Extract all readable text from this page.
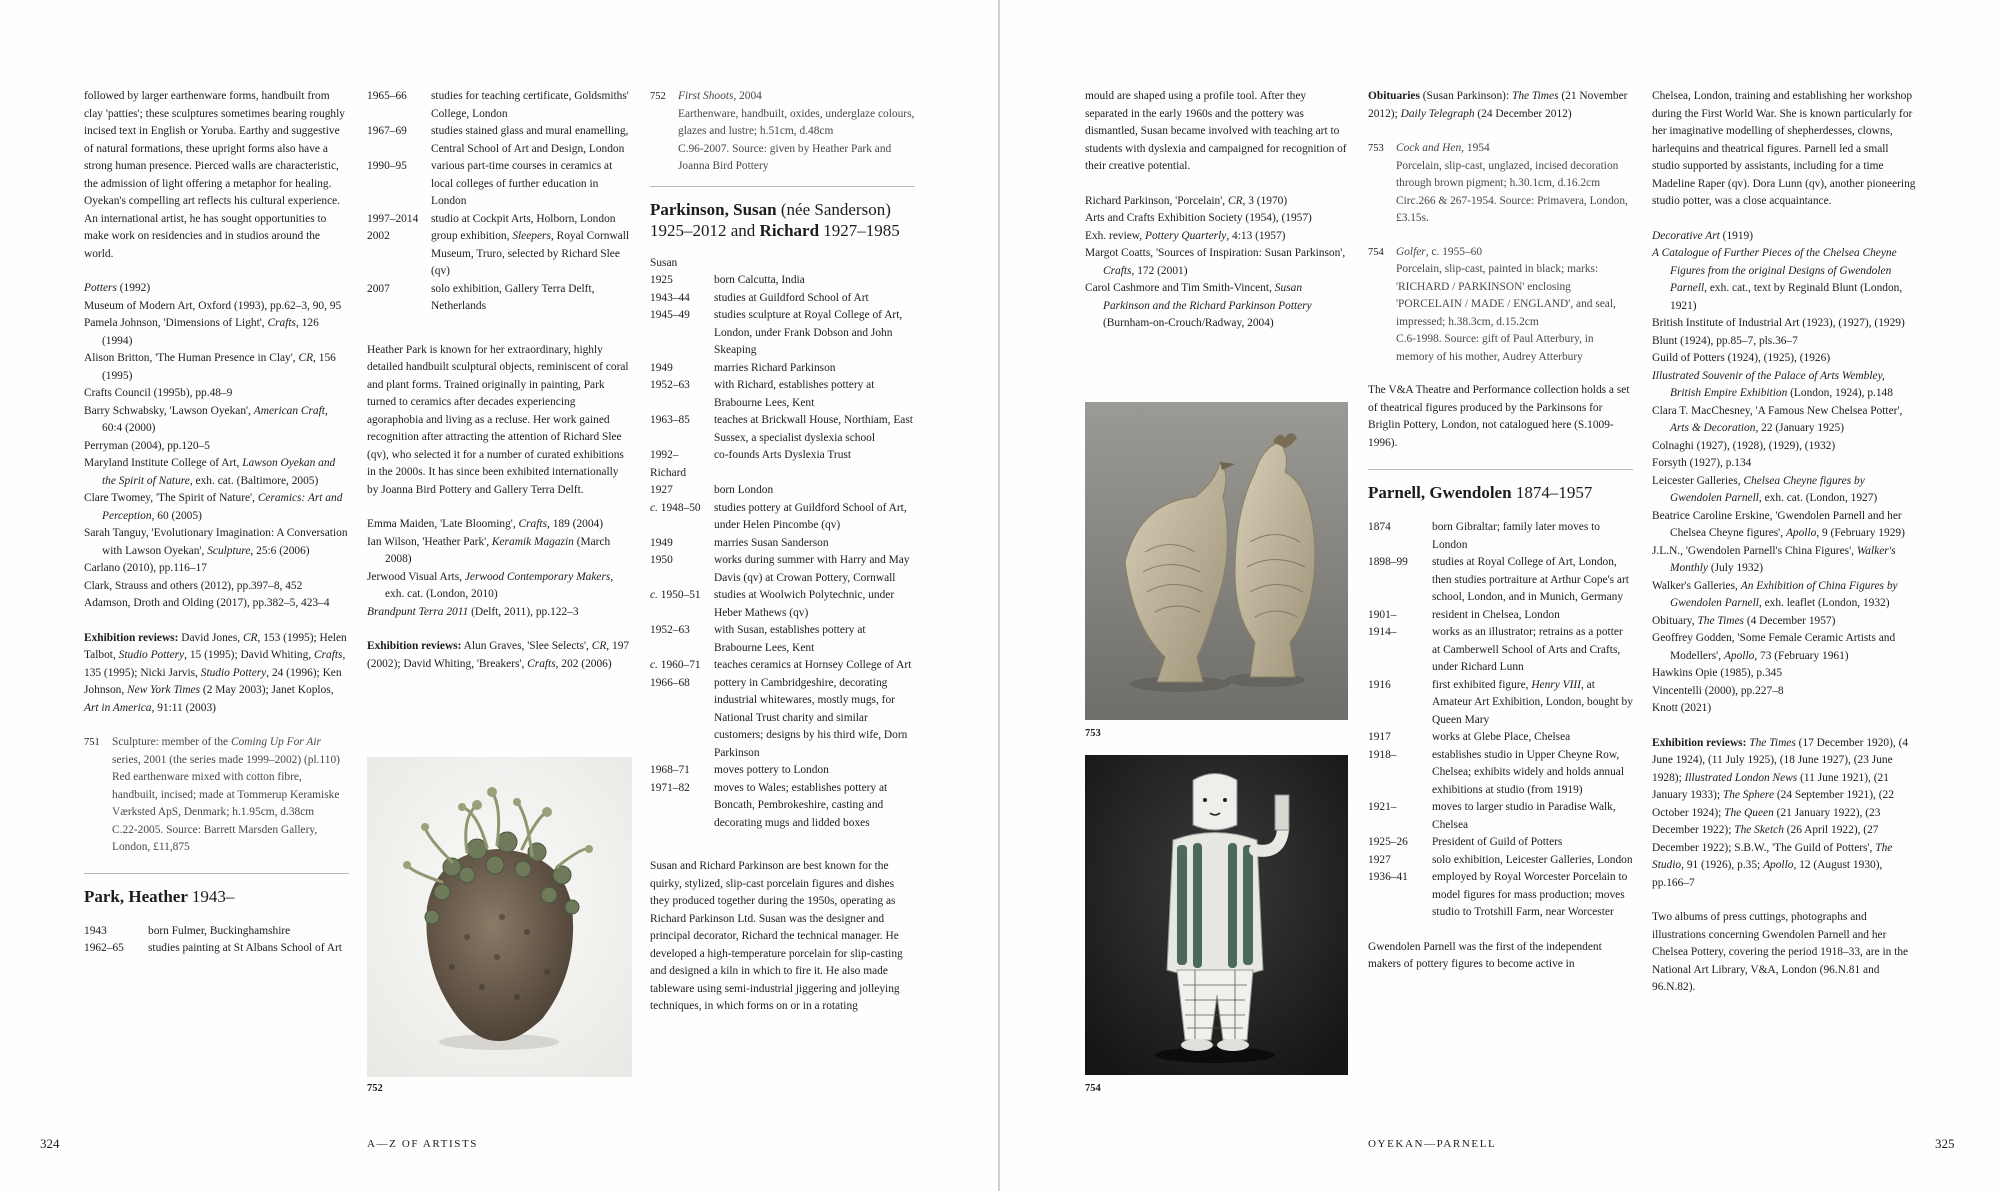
followed by larger earthenware forms, handbuilt from clay 'patties'; these sculptures sometimes bearing roughly incised text in English or Yoruba. Earthy and suggestive of natural formations, these upright forms also have a strong human presence. Pierced walls are characteristic, the admission of light offering a metaphor for healing. Oyekan's compelling art reflects his cultural experience. An international artist, he has sought opportunities to make work on residencies and in studios around the world.

Potters (1992)
Museum of Modern Art, Oxford (1993), pp.62–3, 90, 95
Pamela Johnson, 'Dimensions of Light', Crafts, 126 (1994)
Alison Britton, 'The Human Presence in Clay', CR, 156 (1995)
Crafts Council (1995b), pp.48–9
Barry Schwabsky, 'Lawson Oyekan', American Craft, 60:4 (2000)
Perryman (2004), pp.120–5
Maryland Institute College of Art, Lawson Oyekan and the Spirit of Nature, exh. cat. (Baltimore, 2005)
Clare Twomey, 'The Spirit of Nature', Ceramics: Art and Perception, 60 (2005)
Sarah Tanguy, 'Evolutionary Imagination: A Conversation with Lawson Oyekan', Sculpture, 25:6 (2006)
Carlano (2010), pp.116–17
Clark, Strauss and others (2012), pp.397–8, 452
Adamson, Droth and Olding (2017), pp.382–5, 423–4

Exhibition reviews: David Jones, CR, 153 (1995); Helen Talbot, Studio Pottery, 15 (1995); David Whiting, Crafts, 135 (1995); Nicki Jarvis, Studio Pottery, 24 (1996); Ken Johnson, New York Times (2 May 2003); Janet Koplos, Art in America, 91:11 (2003)

751	Sculpture: member of the Coming Up For Air series, 2001 (the series made 1999–2002) (pl.110)
Red earthenware mixed with cotton fibre, handbuilt, incised; made at Tommerup Keramiske Værksted ApS, Denmark; h.1.95cm, d.38cm
C.22-2005. Source: Barrett Marsden Gallery, London, £11,875
Park, Heather 1943–
1943	born Fulmer, Buckinghamshire
1962–65	studies painting at St Albans School of Art
1965–66	studies for teaching certificate, Goldsmiths' College, London
1967–69	studies stained glass and mural enamelling, Central School of Art and Design, London
1990–95	various part-time courses in ceramics at local colleges of further education in London
1997–2014	studio at Cockpit Arts, Holborn, London
2002	group exhibition, Sleepers, Royal Cornwall Museum, Truro, selected by Richard Slee (qv)
2007	solo exhibition, Gallery Terra Delft, Netherlands

Heather Park is known for her extraordinary, highly detailed handbuilt sculptural objects, reminiscent of coral and plant forms. Trained originally in painting, Park turned to ceramics after decades experiencing agoraphobia and living as a recluse. Her work gained recognition after attracting the attention of Richard Slee (qv), who selected it for a number of curated exhibitions in the 2000s. It has since been exhibited internationally by Joanna Bird Pottery and Gallery Terra Delft.

Emma Maiden, 'Late Blooming', Crafts, 189 (2004)
Ian Wilson, 'Heather Park', Keramik Magazin (March 2008)
Jerwood Visual Arts, Jerwood Contemporary Makers, exh. cat. (London, 2010)
Brandpunt Terra 2011 (Delft, 2011), pp.122–3

Exhibition reviews: Alun Graves, 'Slee Selects', CR, 197 (2002); David Whiting, 'Breakers', Crafts, 202 (2006)

752
752	First Shoots, 2004
Earthenware, handbuilt, oxides, underglaze colours, glazes and lustre; h.51cm, d.48cm
C.96-2007. Source: given by Heather Park and Joanna Bird Pottery
Parkinson, Susan (née Sanderson)
1925–2012 and Richard 1927–1985
Susan
1925	born Calcutta, India
1943–44	studies at Guildford School of Art
1945–49	studies sculpture at Royal College of Art, London, under Frank Dobson and John Skeaping
1949	marries Richard Parkinson
1952–63	with Richard, establishes pottery at Brabourne Lees, Kent
1963–85	teaches at Brickwall House, Northiam, East Sussex, a specialist dyslexia school
1992–	co-founds Arts Dyslexia Trust
Richard
1927	born London
c. 1948–50	studies pottery at Guildford School of Art, under Helen Pincombe (qv)
1949	marries Susan Sanderson
1950	works during summer with Harry and May Davis (qv) at Crowan Pottery, Cornwall
c. 1950–51	studies at Woolwich Polytechnic, under Heber Mathews (qv)
1952–63	with Susan, establishes pottery at Brabourne Lees, Kent
c. 1960–71	teaches ceramics at Hornsey College of Art
1966–68	pottery in Cambridgeshire, decorating industrial whitewares, mostly mugs, for National Trust charity and similar customers; designs by his third wife, Dorn Parkinson
1968–71	moves pottery to London
1971–82	moves to Wales; establishes pottery at Boncath, Pembrokeshire, casting and decorating mugs and lidded boxes

Susan and Richard Parkinson are best known for the quirky, stylized, slip-cast porcelain figures and dishes they produced together during the 1950s, operating as Richard Parkinson Ltd. Susan was the designer and principal decorator, Richard the technical manager. He developed a high-temperature porcelain for slip-casting and designed a kiln in which to fire it. He also made tableware using semi-industrial jiggering and jolleying techniques, in which forms on or in a rotating

324	A—Z OF ARTISTS

mould are shaped using a profile tool. After they separated in the early 1960s and the pottery was dismantled, Susan became involved with teaching art to students with dyslexia and campaigned for recognition of their creative potential.

Richard Parkinson, 'Porcelain', CR, 3 (1970)
Arts and Crafts Exhibition Society (1954), (1957)
Exh. review, Pottery Quarterly, 4:13 (1957)
Margot Coatts, 'Sources of Inspiration: Susan Parkinson', Crafts, 172 (2001)
Carol Cashmore and Tim Smith-Vincent, Susan Parkinson and the Richard Parkinson Pottery (Burnham-on-Crouch/Radway, 2004)
753
754

Obituaries (Susan Parkinson): The Times (21 November 2012); Daily Telegraph (24 December 2012)

753	Cock and Hen, 1954
Porcelain, slip-cast, unglazed, incised decoration through brown pigment; h.30.1cm, d.16.2cm
Circ.266 & 267-1954. Source: Primavera, London, £3.15s.
754	Golfer, c. 1955–60
Porcelain, slip-cast, painted in black; marks: 'RICHARD / PARKINSON' enclosing 'PORCELAIN / MADE / ENGLAND', and seal, impressed; h.38.3cm, d.15.2cm
C.6-1998. Source: gift of Paul Atterbury, in memory of his mother, Audrey Atterbury

The V&A Theatre and Performance collection holds a set of theatrical figures produced by the Parkinsons for Briglin Pottery, London, not catalogued here (S.1009-1996).

Parnell, Gwendolen 1874–1957
1874	born Gibraltar; family later moves to London
1898–99	studies at Royal College of Art, London, then studies portraiture at Arthur Cope's art school, London, and in Munich, Germany
1901–	resident in Chelsea, London
1914–	works as an illustrator; retrains as a potter at Camberwell School of Arts and Crafts, under Richard Lunn
1916	first exhibited figure, Henry VIII, at Amateur Art Exhibition, London, bought by Queen Mary
1917	works at Glebe Place, Chelsea
1918–	establishes studio in Upper Cheyne Row, Chelsea; exhibits widely and holds annual exhibitions at studio (from 1919)
1921–	moves to larger studio in Paradise Walk, Chelsea
1925–26	President of Guild of Potters
1927	solo exhibition, Leicester Galleries, London
1936–41	employed by Royal Worcester Porcelain to model figures for mass production; moves studio to Trotshill Farm, near Worcester

Gwendolen Parnell was the first of the independent makers of pottery figures to become active in

Chelsea, London, training and establishing her workshop during the First World War. She is known particularly for her imaginative modelling of shepherdesses, clowns, harlequins and theatrical figures. Parnell led a small studio supported by assistants, including for a time Madeline Raper (qv). Dora Lunn (qv), another pioneering studio potter, was a close acquaintance.

Decorative Art (1919)
A Catalogue of Further Pieces of the Chelsea Cheyne Figures from the original Designs of Gwendolen Parnell, exh. cat., text by Reginald Blunt (London, 1921)
British Institute of Industrial Art (1923), (1927), (1929)
Blunt (1924), pp.85–7, pls.36–7
Guild of Potters (1924), (1925), (1926)
Illustrated Souvenir of the Palace of Arts Wembley, British Empire Exhibition (London, 1924), p.148
Clara T. MacChesney, 'A Famous New Chelsea Potter', Arts & Decoration, 22 (January 1925)
Colnaghi (1927), (1928), (1929), (1932)
Forsyth (1927), p.134
Leicester Galleries, Chelsea Cheyne figures by Gwendolen Parnell, exh. cat. (London, 1927)
Beatrice Caroline Erskine, 'Gwendolen Parnell and her Chelsea Cheyne figures', Apollo, 9 (February 1929)
J.L.N., 'Gwendolen Parnell's China Figures', Walker's Monthly (July 1932)
Walker's Galleries, An Exhibition of China Figures by Gwendolen Parnell, exh. leaflet (London, 1932)
Obituary, The Times (4 December 1957)
Geoffrey Godden, 'Some Female Ceramic Artists and Modellers', Apollo, 73 (February 1961)
Hawkins Opie (1985), p.345
Vincentelli (2000), pp.227–8
Knott (2021)

Exhibition reviews: The Times (17 December 1920), (4 June 1924), (11 July 1925), (18 June 1927), (23 June 1928); Illustrated London News (11 June 1921), (21 January 1933); The Sphere (24 September 1921), (22 October 1924); The Queen (21 January 1922), (23 December 1922); The Sketch (26 April 1922), (27 December 1922); S.B.W., 'The Guild of Potters', The Studio, 91 (1926), p.35; Apollo, 12 (August 1930), pp.166–7

Two albums of press cuttings, photographs and illustrations concerning Gwendolen Parnell and her Chelsea Pottery, covering the period 1918–33, are in the National Art Library, V&A, London (96.N.81 and 96.N.82).

OYEKAN—PARNELL	325
